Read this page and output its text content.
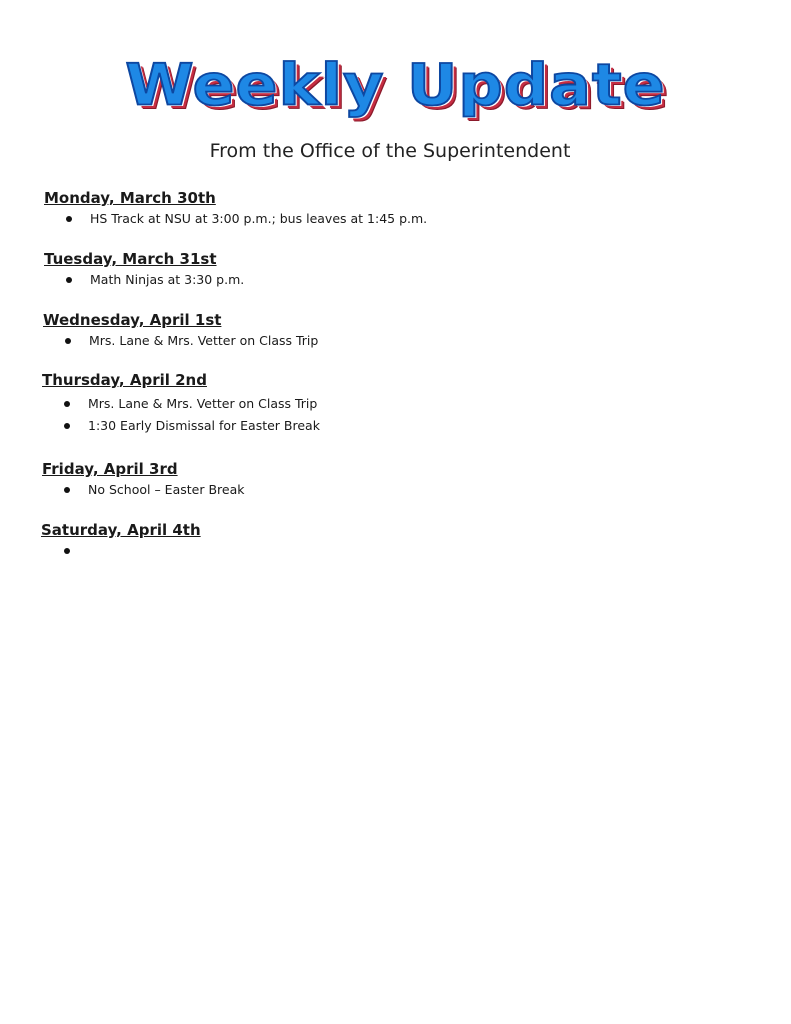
Weekly Update
From the Office of the Superintendent
Monday, March 30th
HS Track at NSU at 3:00 p.m.; bus leaves at 1:45 p.m.
Tuesday, March 31st
Math Ninjas at 3:30 p.m.
Wednesday, April 1st
Mrs. Lane & Mrs. Vetter on Class Trip
Thursday, April 2nd
Mrs. Lane & Mrs. Vetter on Class Trip
1:30 Early Dismissal for Easter Break
Friday, April 3rd
No School – Easter Break
Saturday, April 4th
